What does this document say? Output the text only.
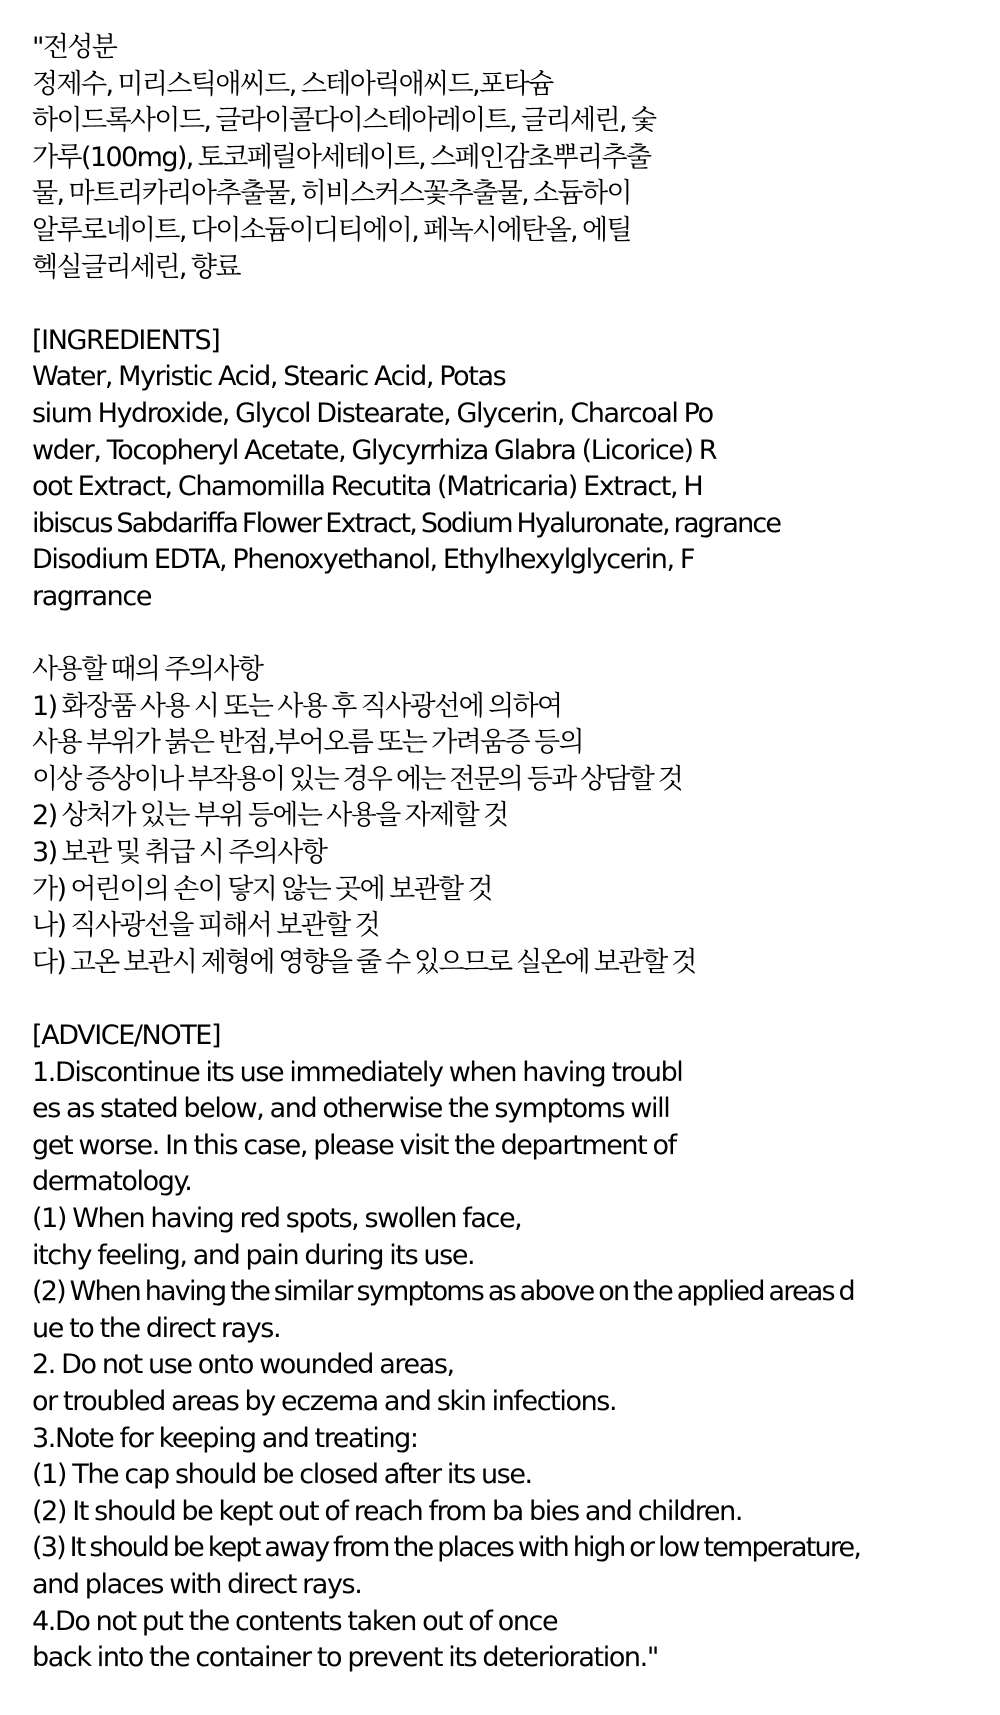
"전성분
정제수, 미리스틱애씨드, 스테아릭애씨드,포타슘
하이드록사이드, 글라이콜다이스테아레이트, 글리세린, 숯
가루(100mg), 토코페릴아세테이트, 스페인감초뿌리추출
물, 마트리카리아추출물, 히비스커스꽃추출물, 소듐하이
알루로네이트, 다이소듐이디티에이, 페녹시에탄올, 에틸
헥실글리세린, 향료
[INGREDIENTS]
Water, Myristic Acid, Stearic Acid, Potas
sium Hydroxide, Glycol Distearate, Glycerin, Charcoal Po
wder, Tocopheryl Acetate, Glycyrrhiza Glabra (Licorice) R
oot Extract, Chamomilla Recutita (Matricaria) Extract, H
ibiscus Sabdariffa Flower Extract, Sodium Hyaluronate, ragrance
Disodium EDTA, Phenoxyethanol, Ethylhexylglycerin, F
ragrrance
사용할 때의 주의사항
1) 화장품 사용 시 또는 사용 후 직사광선에 의하여
사용 부위가 붉은 반점,부어오름 또는 가려움증 등의
이상 증상이나 부작용이 있는 경우 에는 전문의 등과 상담할 것
2) 상처가 있는 부위 등에는 사용을 자제할 것
3) 보관 및 취급 시 주의사항
가) 어린이의 손이 닿지 않는 곳에 보관할 것
나) 직사광선을 피해서 보관할 것
다) 고온 보관시 제형에 영향을 줄 수 있으므로 실온에 보관할 것
[ADVICE/NOTE]
1.Discontinue its use immediately when having troubl
es as stated below, and otherwise the symptoms will
get worse. In this case, please visit the department of
dermatology.
(1) When having red spots, swollen face,
itchy feeling, and pain during its use.
(2) When having the similar symptoms as above on the applied areas d
ue to the direct rays.
2. Do not use onto wounded areas,
or troubled areas by eczema and skin infections.
3.Note for keeping and treating:
(1) The cap should be closed after its use.
(2) It should be kept out of reach from ba bies and children.
(3) It should be kept away from the places with high or low temperature,
and places with direct rays.
4.Do not put the contents taken out of once
back into the container to prevent its deterioration."
